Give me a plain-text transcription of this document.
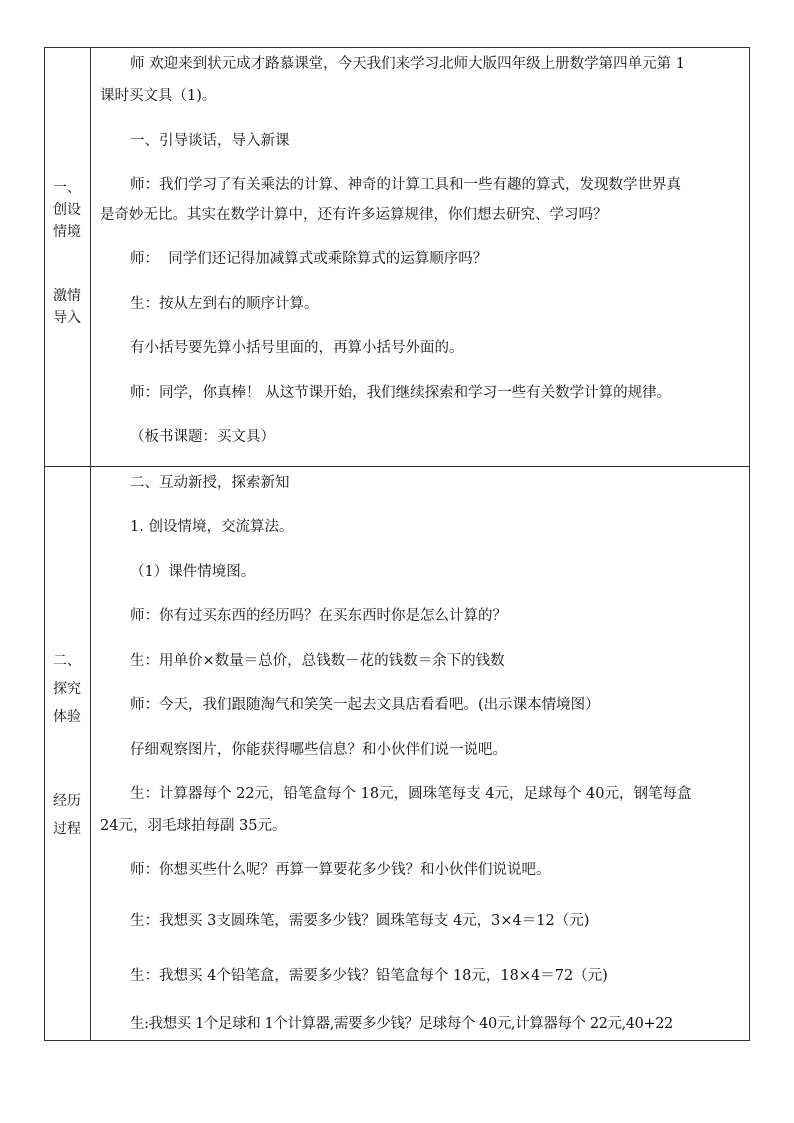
一、
创设
情境
激情
导入
师 欢迎来到状元成才路慕课堂，今天我们来学习北师大版四年级上册数学第四单元第 1
课时买文具（1)。
一、引导谈话，导入新课
师：我们学习了有关乘法的计算、神奇的计算工具和一些有趣的算式，发现数学世界真
是奇妙无比。其实在数学计算中，还有许多运算规律，你们想去研究、学习吗？
师：  同学们还记得加减算式或乘除算式的运算顺序吗？
生：按从左到右的顺序计算。
有小括号要先算小括号里面的，再算小括号外面的。
师：同学，你真棒！ 从这节课开始，我们继续探索和学习一些有关数学计算的规律。
（板书课题：买文具）
二、
探究
体验
经历
过程
二、互动新授，探索新知
1. 创设情境，交流算法。
（1）课件情境图。
师：你有过买东西的经历吗？在买东西时你是怎么计算的？
生：用单价×数量＝总价，总钱数－花的钱数＝余下的钱数
师：今天，我们跟随淘气和笑笑一起去文具店看看吧。(出示课本情境图）
仔细观察图片，你能获得哪些信息？和小伙伴们说一说吧。
生：计算器每个 22元，铅笔盒每个 18元，圆珠笔每支 4元，足球每个 40元，钢笔每盒
24元，羽毛球拍每副 35元。
师：你想买些什么呢？再算一算要花多少钱？和小伙伴们说说吧。
生：我想买 3支圆珠笔，需要多少钱？圆珠笔每支 4元，3×4＝12（元)
生：我想买 4个铅笔盒，需要多少钱？铅笔盒每个 18元，18×4＝72（元)
生:我想买 1个足球和 1个计算器,需要多少钱？足球每个 40元,计算器每个 22元,40+22
